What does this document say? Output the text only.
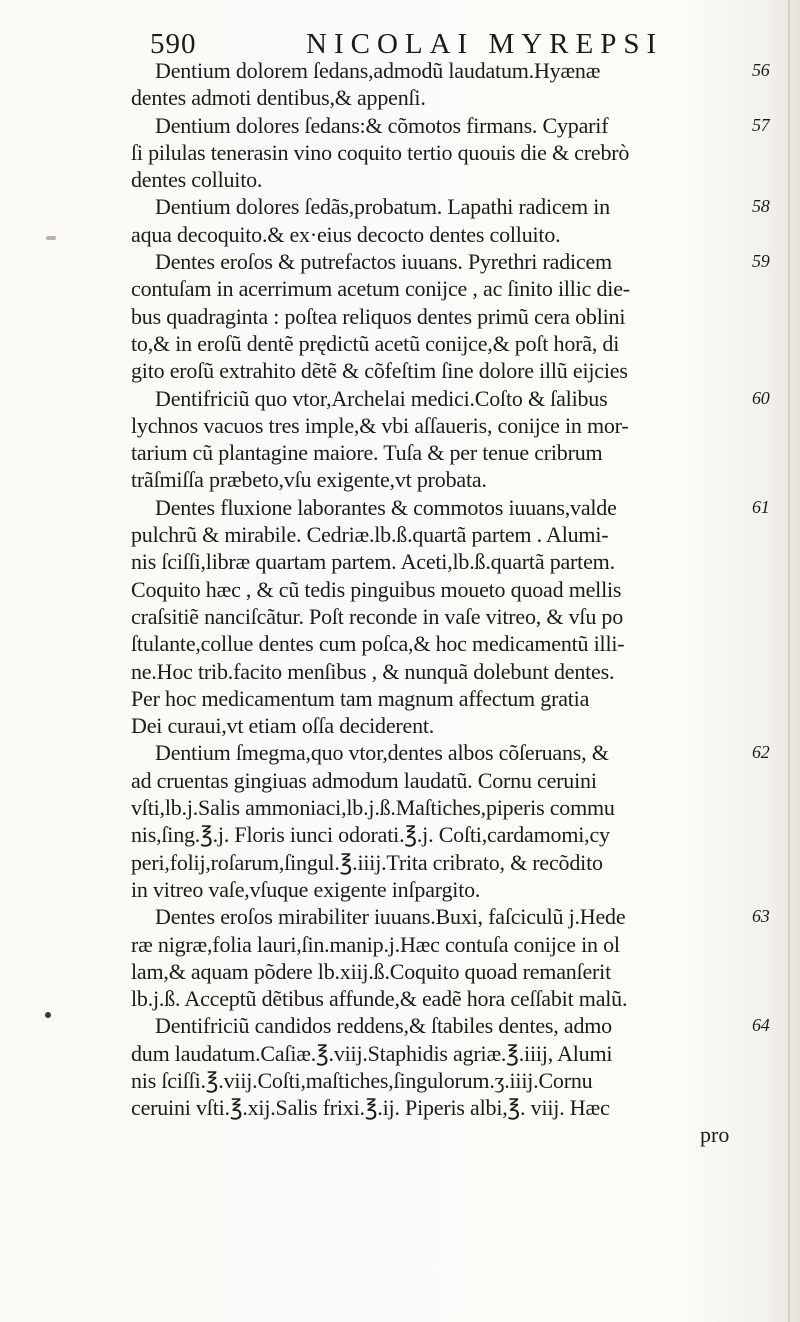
590	NICOLAI MYREPSI
Dentium dolorem ſedans,admodũ laudatum.Hyænæ	56
dentes admoti dentibus,& appenſi.
Dentium dolores ſedans:& cõmotos firmans. Cyparif	57
ſi pilulas tenerasin vino coquito tertio quouis die & crebrò
dentes colluito.
Dentium dolores ſedãs,probatum. Lapathi radicem in	58
aqua decoquito.& ex·eius decocto dentes colluito.
Dentes eroſos & putrefactos iuuans. Pyrethri radicem	59
contuſam in acerrimum acetum conijce , ac ſinito illic die-
bus quadraginta : poſtea reliquos dentes primũ cera oblini
to,& in eroſũ dentẽ prędictũ acetũ conijce,& poſt horã, di
gito eroſũ extrahito dẽtẽ & cõfeſtim ſine dolore illũ eijcies
Dentifriciũ quo vtor,Archelai medici.Coſto & ſalibus	60
lychnos vacuos tres imple,& vbi aſſaueris, conijce in mor-
tarium cũ plantagine maiore. Tuſa & per tenue cribrum
trãſmiſſa præbeto,vſu exigente,vt probata.
Dentes fluxione laborantes & commotos iuuans,valde	61
pulchrũ & mirabile. Cedriæ.lb.ß.quartã partem . Alumi-
nis ſciſſi,libræ quartam partem. Aceti,lb.ß.quartã partem.
Coquito hæc , & cũ tedis pinguibus moueto quoad mellis
craſsitiẽ nanciſcãtur. Poſt reconde in vaſe vitreo, & vſu po
ſtulante,collue dentes cum poſca,& hoc medicamentũ illi-
ne.Hoc trib.facito menſibus , & nunquã dolebunt dentes.
Per hoc medicamentum tam magnum affectum gratia
Dei curaui,vt etiam oſſa deciderent.
Dentium ſmegma,quo vtor,dentes albos cõſeruans, &	62
ad cruentas gingiuas admodum laudatũ. Cornu ceruini
vſti,lb.j.Salis ammoniaci,lb.j.ß.Maſtiches,piperis commu
nis,ſing.℥.j. Floris iunci odorati.℥.j. Coſti,cardamomi,cy
peri,folij,roſarum,ſingul.℥.iiij.Trita cribrato, & recõdito
in vitreo vaſe,vſuque exigente inſpargito.
Dentes eroſos mirabiliter iuuans.Buxi, faſciculũ j.Hede	63
ræ nigræ,folia lauri,ſin.manip.j.Hæc contuſa conijce in ol
lam,& aquam põdere lb.xiij.ß.Coquito quoad remanſerit
lb.j.ß. Acceptũ dẽtibus affunde,& eadẽ hora ceſſabit malũ.
Dentifriciũ candidos reddens,& ſtabiles dentes, admo	64
dum laudatum.Caſiæ.℥.viij.Staphidis agriæ.℥.iiij, Alumi
nis ſciſſi.℥.viij.Coſti,maſtiches,ſingulorum.ʒ.iiij.Cornu
ceruini vſti.℥.xij.Salis frixi.℥.ij. Piperis albi,℥. viij. Hæc
pro
